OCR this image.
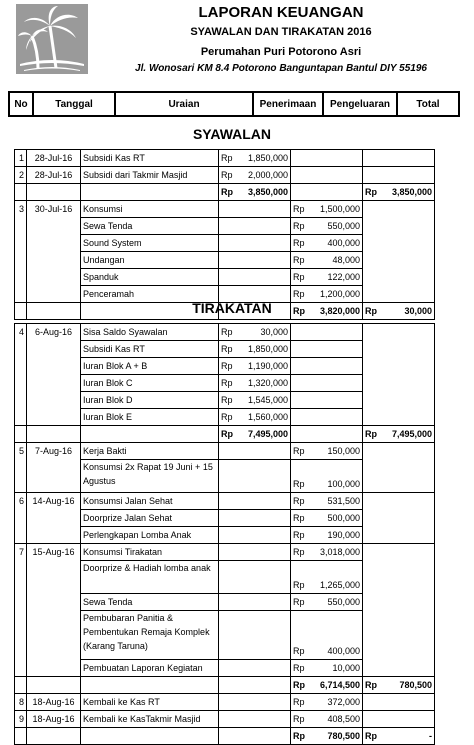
LAPORAN KEUANGAN
SYAWALAN DAN TIRAKATAN 2016
Perumahan Puri Potorono Asri
Jl. Wonosari KM 8.4 Potorono Banguntapan Bantul DIY 55196
No	Tanggal	Uraian	Penerimaan	Pengeluaran	Total
SYAWALAN
1	28-Jul-16	Subsidi Kas RT	Rp 1,850,000		

2	28-Jul-16	Subsidi dari Takmir Masjid	Rp 2,000,000		

			Rp 3,850,000		Rp 3,850,000

3	30-Jul-16	Konsumsi		Rp 1,500,000	

		Sewa Tenda		Rp 550,000	

		Sound System		Rp 400,000	

		Undangan		Rp 48,000	

		Spanduk		Rp 122,000	

		Penceramah		Rp 1,200,000	

				Rp 3,820,000	Rp 30,000
TIRAKATAN
4	6-Aug-16	Sisa Saldo Syawalan	Rp 30,000		

		Subsidi Kas RT	Rp 1,850,000		

		Iuran Blok A + B	Rp 1,190,000		

		Iuran Blok C	Rp 1,320,000		

		Iuran Blok D	Rp 1,545,000		

		Iuran Blok E	Rp 1,560,000		

			Rp 7,495,000		Rp 7,495,000

5	7-Aug-16	Kerja Bakti		Rp 150,000	

		Konsumsi 2x Rapat 19 Juni + 15 Agustus		Rp 100,000	

6	14-Aug-16	Konsumsi Jalan Sehat		Rp 531,500	

		Doorprize Jalan Sehat		Rp 500,000	

		Perlengkapan Lomba Anak		Rp 190,000	

7	15-Aug-16	Konsumsi Tirakatan		Rp 3,018,000	

		Doorprize & Hadiah lomba anak		Rp 1,265,000	

		Sewa Tenda		Rp 550,000	

		Pembubaran Panitia & Pembentukan Remaja Komplek (Karang Taruna)		Rp 400,000	

		Pembuatan Laporan Kegiatan		Rp 10,000	

				Rp 6,714,500	Rp 780,500

8	18-Aug-16	Kembali ke Kas RT		Rp 372,000	

9	18-Aug-16	Kembali ke KasTakmir Masjid		Rp 408,500	

				Rp 780,500	Rp -
